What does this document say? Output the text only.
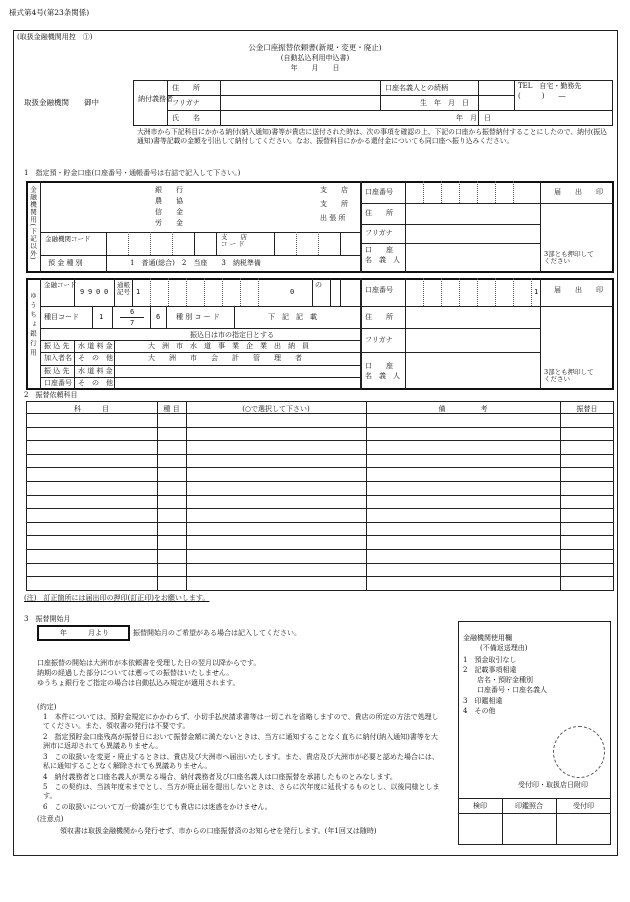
様式第4号(第23条関係)
(取扱金融機関用控　①)
公金口座振替依頼書(新規・変更・廃止)
(自動払込利用申込書)
年　　月　　日
取扱金融機関　　御中	納付義務者
住　　所
フリガナ
氏　　名
口座名義人との続柄
生　年　月　日
年　月　日
TEL　自宅・勤務先
(　　　)　　―
大洲市から下記科目にかかる納付(納入通知)書等が貴店に送付された時は、次の事項を確認の上、下記の口座から振替納付することにしたので、納付(振込通知)書等記載の金額を引出して納付してください。なお、振替料目にかかる還付金についても同口座へ振り込みください。
1　指定預・貯金口座(口座番号・通帳番号は右詰で記入して下さい。)
金融機関用(下記以外)	銀　　行
農　　協
信　　金
労　　金
支　　店
支　　所
出 張 所
金融機関コード	支　　店
コ ー ド
預 金 種 別	1　普通(総合)　2　当座　　3　納税準備
口座番号
住　　所
フリガナ
口　　座
名　義　人
届　　出　　印
3部とも押印して
ください
ゆうちょ銀行用
金融コード
9 9 0 0
通帳
記号 1	0
の
種目コード	1
6
7
6 種 別 コ ー ド	下　記　記　載
振込日は市の指定日とする
振 込 先 水 道 料 金	大　洲　市　水　道　事　業　企　業　出　納　員
加入者名 そ　の　他	大　　洲　　市　　会　　計　　管　　理　　者
振 込 先 水 道 料 金
口座番号 そ　の　他
口座番号	1
住　　所
フリガナ
口　　座
名　義　人
届　　出　　印
3部とも押印して
ください
2　振替依頼科目
科　　　目	種 目	(○で選択して下さい)	備　　　　　考	振替日
(注)　訂正箇所には届出印の押印(訂正印)をお願いします。
3　振替開始月
年　　　月より	振替開始月のご希望がある場合は記入してください。
口座振替の開始は大洲市が本依頼書を受理した日の翌月以降からです。
納期の経過した部分については遡っての振替はいたしません。
ゆうちょ銀行をご指定の場合は自動払込み規定が適用されます。
(約定)
1　本件については、預貯金規定にかかわらず、小切手払戻請求書等は一切これを省略しますので、貴店の所定の方法で処理してください。また、領収書の発行は不要です。
2　指定預貯金口座残高が振替日において振替金額に満たないときは、当方に通知することなく直ちに納付(納入通知)書等を大洲市に返却されても異議ありません。
3　この取扱いを変更・廃止するときは、貴店及び大洲市へ届出いたします。また、貴店及び大洲市が必要と認めた場合には、私に通知することなく解除されても異議ありません。
4　納付義務者と口座名義人が異なる場合、納付義務者及び口座名義人は口座振替を承諾したものとみなします。
5　この契約は、当該年度末までとし、当方が廃止届を提出しないときは、さらに次年度に延長するものとし、以後同様とします。
6　この取扱いについて万一紛議が生じても貴店には迷惑をかけません。
(注意点)
領収書は取扱金融機関から発行せず、市からの口座振替済のお知らせを発行します。(年1回又は随時)
金融機関使用欄
(不備返送理由)
1　預金取引なし
2　記載事項相違
　　店名・預貯金種別
　　口座番号・口座名義人
3　印鑑相違
4　その他
受付印・取扱店日附印
検印	印鑑照合	受付印
